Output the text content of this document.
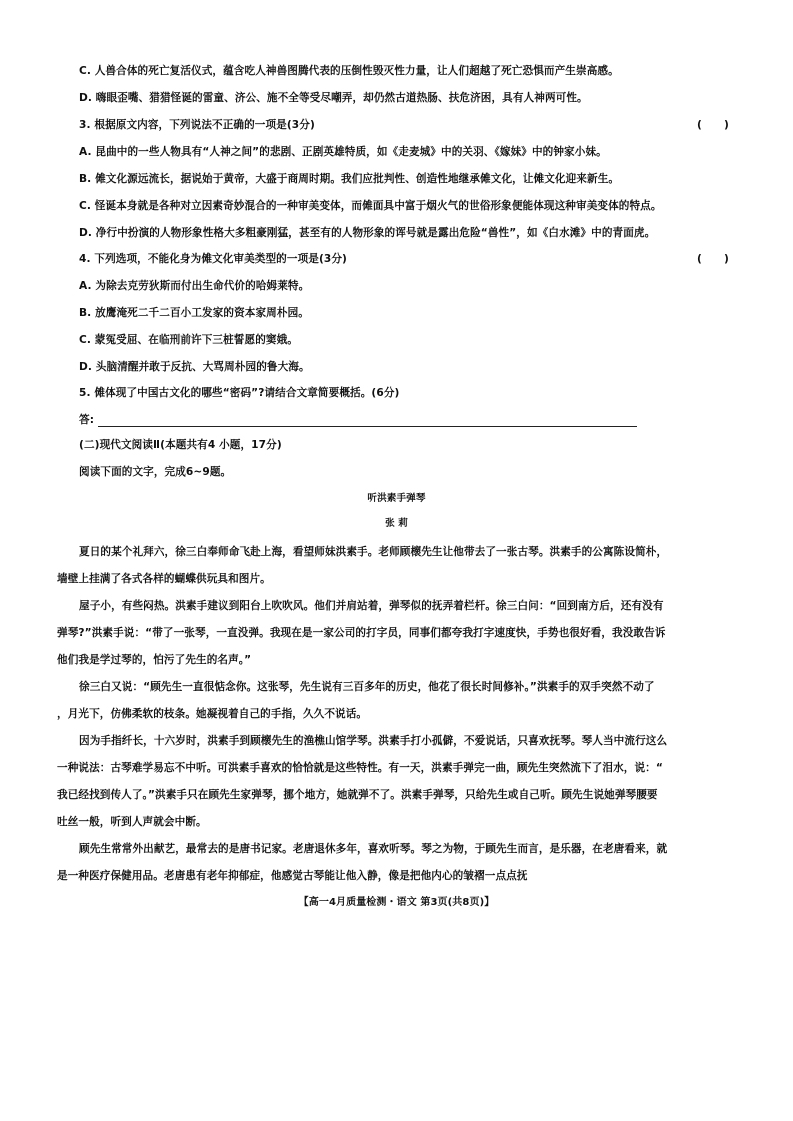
C. 人兽合体的死亡复活仪式，蕴含吃人神兽图腾代表的压倒性毁灭性力量，让人们超越了死亡恐惧而产生崇高感。
D. 嗨眼歪嘴、猎猎怪诞的雷童、济公、施不全等受尽嘲弄，却仍然古道热肠、扶危济困，具有人神两可性。
3. 根据原文内容，下列说法不正确的一项是(3分)	(      )
A. 昆曲中的一些人物具有“人神之间”的悲剧、正剧英雄特质，如《走麦城》中的关羽、《嫁妹》中的钟家小妹。
B. 傩文化源远流长，据说始于黄帝，大盛于商周时期。我们应批判性、创造性地继承傩文化，让傩文化迎来新生。
C. 怪诞本身就是各种对立因素奇妙混合的一种审美变体，而傩面具中富于烟火气的世俗形象便能体现这种审美变体的特点。
D. 净行中扮演的人物形象性格大多粗豪刚猛，甚至有的人物形象的诨号就是露出危险“兽性”，如《白水滩》中的青面虎。
4. 下列选项，不能化身为傩文化审美类型的一项是(3分)	(      )
A. 为除去克劳狄斯而付出生命代价的哈姆莱特。
B. 放鹰淹死二千二百小工发家的资本家周朴园。
C. 蒙冤受屈、在临刑前许下三桩誓愿的窦娥。
D. 头脑清醒并敢于反抗、大骂周朴园的鲁大海。
5. 傩体现了中国古文化的哪些“密码”?请结合文章简要概括。(6分)
答:
(二)现代文阅读Ⅱ(本题共有4 小题，17分)
阅读下面的文字，完成6~9题。
听洪素手弹琴
张 莉
夏日的某个礼拜六，徐三白奉师命飞赴上海，看望师妹洪素手。老师顾櫰先生让他带去了一张古琴。洪素手的公寓陈设简朴，
墙壁上挂满了各式各样的蝴蝶供玩具和图片。
屋子小，有些闷热。洪素手建议到阳台上吹吹风。他们并肩站着，弹琴似的抚弄着栏杆。徐三白问：“回到南方后，还有没有
弹琴?”洪素手说：“带了一张琴，一直没弹。我现在是一家公司的打字员，同事们都夸我打字速度快，手势也很好看，我没敢告诉
他们我是学过琴的，怕污了先生的名声。”
徐三白又说：“顾先生一直很惦念你。这张琴，先生说有三百多年的历史，他花了很长时间修补。”洪素手的双手突然不动了
，月光下，仿佛柔软的枝条。她凝视着自己的手指，久久不说话。
因为手指纤长，十六岁时，洪素手到顾櫰先生的渔樵山馆学琴。洪素手打小孤僻，不爱说话，只喜欢抚琴。琴人当中流行这么
一种说法：古琴难学易忘不中听。可洪素手喜欢的恰恰就是这些特性。有一天，洪素手弹完一曲，顾先生突然流下了泪水，说：“
我已经找到传人了。”洪素手只在顾先生家弹琴，挪个地方，她就弹不了。洪素手弹琴，只给先生或自己听。顾先生说她弹琴腰要
吐丝一般，听到人声就会中断。
顾先生常常外出献艺，最常去的是唐书记家。老唐退休多年，喜欢听琴。琴之为物，于顾先生而言，是乐器，在老唐看来，就
是一种医疗保健用品。老唐患有老年抑郁症，他感觉古琴能让他入静，像是把他内心的皱褶一点点抚
【高一4月质量检测・语文 第3页(共8页)】
